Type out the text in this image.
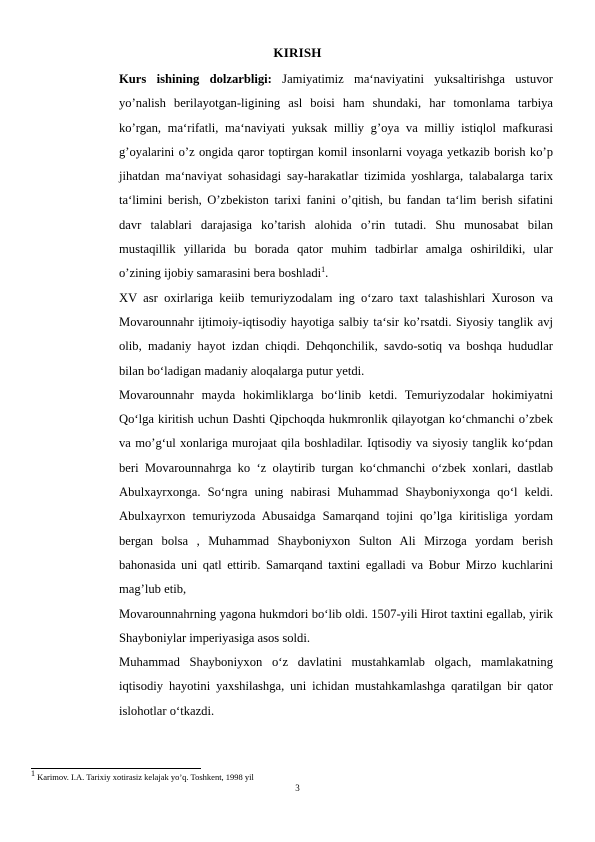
KIRISH

Kurs ishining dolzarbligi: Jamiyatimiz ma‘naviyatini yuksaltirishga ustuvor yo’nalish berilayotgan-ligining asl boisi ham shundaki, har tomonlama tarbiya ko’rgan, ma‘rifatli, ma‘naviyati yuksak milliy g’oya va milliy istiqlol mafkurasi g’oyalarini o’z ongida qaror toptirgan komil insonlarni voyaga yetkazib borish ko’p jihatdan ma‘naviyat sohasidagi say-harakatlar tizimida yoshlarga, talabalarga tarix ta‘limini berish, O’zbekiston tarixi fanini o’qitish, bu fandan ta‘lim berish sifatini davr talablari darajasiga ko’tarish alohida o’rin tutadi. Shu munosabat bilan mustaqillik yillarida bu borada qator muhim tadbirlar amalga oshirildiki, ular o’zining ijobiy samarasini bera boshladi$^1$.

XV asr oxirlariga keiib temuriyzodalam ing o‘zaro taxt talashishlari Xuroson va Movarounnahr ijtimoiy-iqtisodiy hayotiga salbiy ta‘sir ko’rsatdi. Siyosiy tanglik avj olib, madaniy hayot izdan chiqdi. Dehqonchilik, savdo-sotiq va boshqa hududlar bilan bo‘ladigan madaniy aloqalarga putur yetdi.

Movarounnahr mayda hokimliklarga bo‘linib ketdi. Temuriyzodalar hokimiyatni Qo‘lga kiritish uchun Dashti Qipchoqda hukmronlik qilayotgan ko‘chmanchi o’zbek va mo’g‘ul xonlariga murojaat qila boshladilar. Iqtisodiy va siyosiy tanglik ko‘pdan beri Movarounnahrga ko ‘z olaytirib turgan ko‘chmanchi o‘zbek xonlari, dastlab Abulxayrxonga. So‘ngra uning nabirasi Muhammad Shayboniyxonga qo‘l keldi. Abulxayrxon temuriyzoda Abusaidga Samarqand tojini qo’lga kiritisliga yordam bergan bolsa , Muhammad Shayboniyxon Sulton Ali Mirzoga yordam berish bahonasida uni qatl ettirib. Samarqand taxtini egalladi va Bobur Mirzo kuchlarini mag’lub etib,

Movarounnahrning yagona hukmdori bo‘lib oldi. 1507-yili Hirot taxtini egallab, yirik Shayboniylar imperiyasiga asos soldi.

Muhammad Shayboniyxon o‘z davlatini mustahkamlab olgach, mamlakatning iqtisodiy hayotini yaxshilashga, uni ichidan mustahkamlashga qaratilgan bir qator islohotlar o‘tkazdi.

$^1$ Karimov. I.A. Tarixiy xotirasiz kelajak yo’q. Toshkent, 1998 yil
3
